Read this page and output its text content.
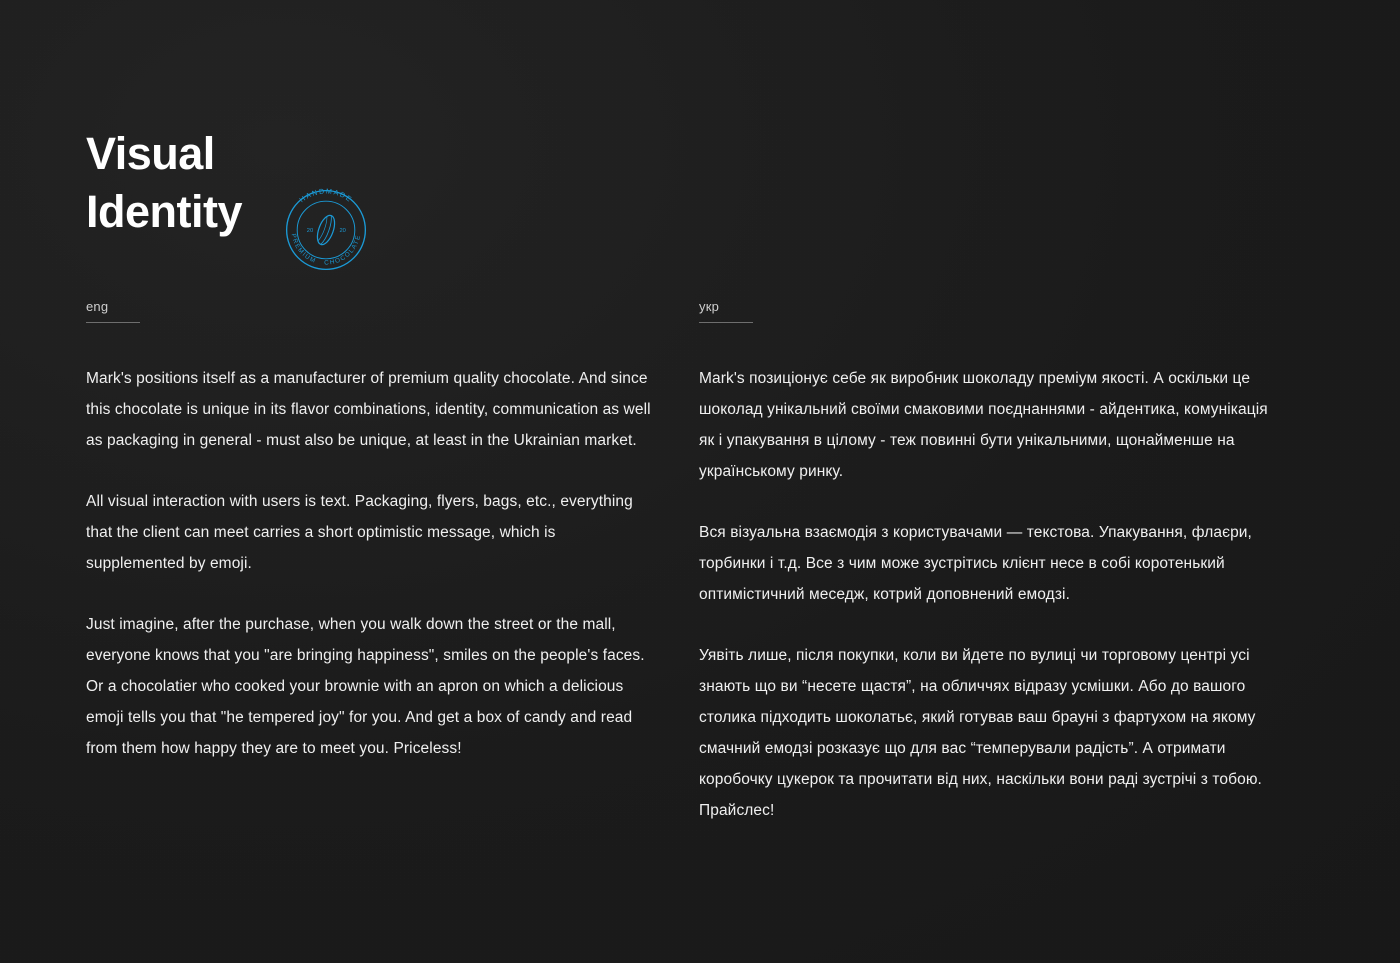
Visual
Identity	HANDMADE
PREMIUM CHOCOLATE
20	20
eng

Mark's positions itself as a manufacturer of premium quality chocolate. And since this chocolate is unique in its flavor combinations, identity, communication as well as packaging in general - must also be unique, at least in the Ukrainian market.

All visual interaction with users is text. Packaging, flyers, bags, etc., everything that the client can meet carries a short optimistic message, which is supplemented by emoji.

Just imagine, after the purchase, when you walk down the street or the mall, everyone knows that you "are bringing happiness", smiles on the people's faces. Or a chocolatier who cooked your brownie with an apron on which a delicious emoji tells you that "he tempered joy" for you. And get a box of candy and read from them how happy they are to meet you. Priceless!

укр

Mark's позиціонує себе як виробник шоколаду преміум якості. А оскільки це шоколад унікальний своїми смаковими поєднаннями - айдентика, комунікація як і упакування в цілому - теж повинні бути унікальними, щонайменше на українському ринку.

Вся візуальна взаємодія з користувачами — текстова. Упакування, флаєри, торбинки і т.д. Все з чим може зустрітись клієнт несе в собі коротенький оптимістичний меседж, котрий доповнений емодзі.

Уявіть лише, після покупки, коли ви йдете по вулиці чи торговому центрі усі знають що ви “несете щастя”, на обличчях відразу усмішки. Або до вашого столика підходить шоколатьє, який готував ваш брауні з фартухом на якому смачний емодзі розказує що для вас “темперували радість”. А отримати коробочку цукерок та прочитати від них, наскільки вони раді зустрічі з тобою. Прайслес!
